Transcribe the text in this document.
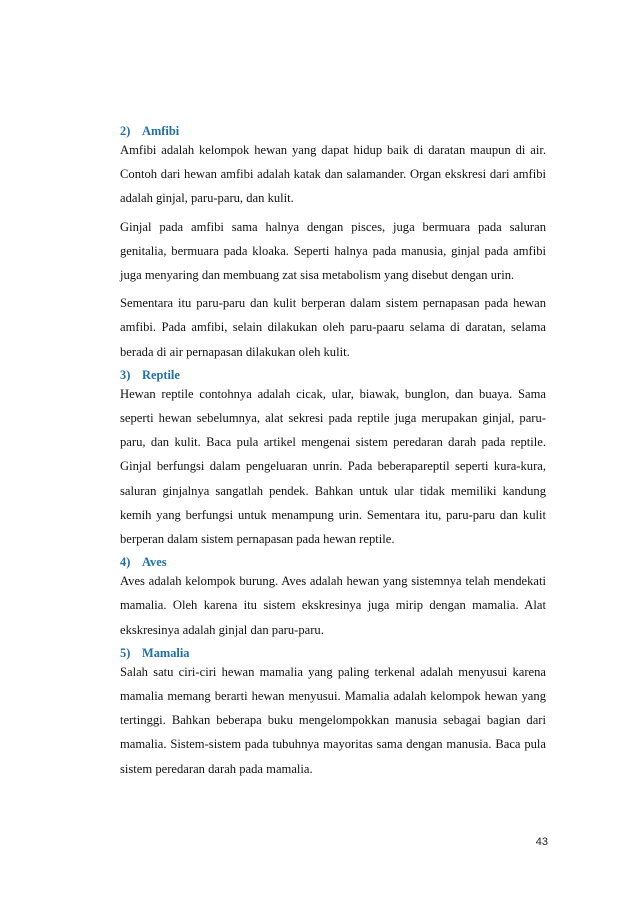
2) Amfibi

Amfibi adalah kelompok hewan yang dapat hidup baik di daratan maupun di air. Contoh dari hewan amfibi adalah katak dan salamander. Organ ekskresi dari amfibi adalah ginjal, paru-paru, dan kulit.

Ginjal pada amfibi sama halnya dengan pisces, juga bermuara pada saluran genitalia, bermuara pada kloaka. Seperti halnya pada manusia, ginjal pada amfibi juga menyaring dan membuang zat sisa metabolism yang disebut dengan urin.

Sementara itu paru-paru dan kulit berperan dalam sistem pernapasan pada hewan amfibi. Pada amfibi, selain dilakukan oleh paru-paaru selama di daratan, selama berada di air pernapasan dilakukan oleh kulit.

3) Reptile

Hewan reptile contohnya adalah cicak, ular, biawak, bunglon, dan buaya. Sama seperti hewan sebelumnya, alat sekresi pada reptile juga merupakan ginjal, paru-paru, dan kulit. Baca pula artikel mengenai sistem peredaran darah pada reptile. Ginjal berfungsi dalam pengeluaran unrin. Pada beberapareptil seperti kura-kura, saluran ginjalnya sangatlah pendek. Bahkan untuk ular tidak memiliki kandung kemih yang berfungsi untuk menampung urin. Sementara itu, paru-paru dan kulit berperan dalam sistem pernapasan pada hewan reptile.

4) Aves

Aves adalah kelompok burung. Aves adalah hewan yang sistemnya telah mendekati mamalia. Oleh karena itu sistem ekskresinya juga mirip dengan mamalia. Alat ekskresinya adalah ginjal dan paru-paru.

5) Mamalia

Salah satu ciri-ciri hewan mamalia yang paling terkenal adalah menyusui karena mamalia memang berarti hewan menyusui. Mamalia adalah kelompok hewan yang tertinggi. Bahkan beberapa buku mengelompokkan manusia sebagai bagian dari mamalia. Sistem-sistem pada tubuhnya mayoritas sama dengan manusia. Baca pula sistem peredaran darah pada mamalia.

43
